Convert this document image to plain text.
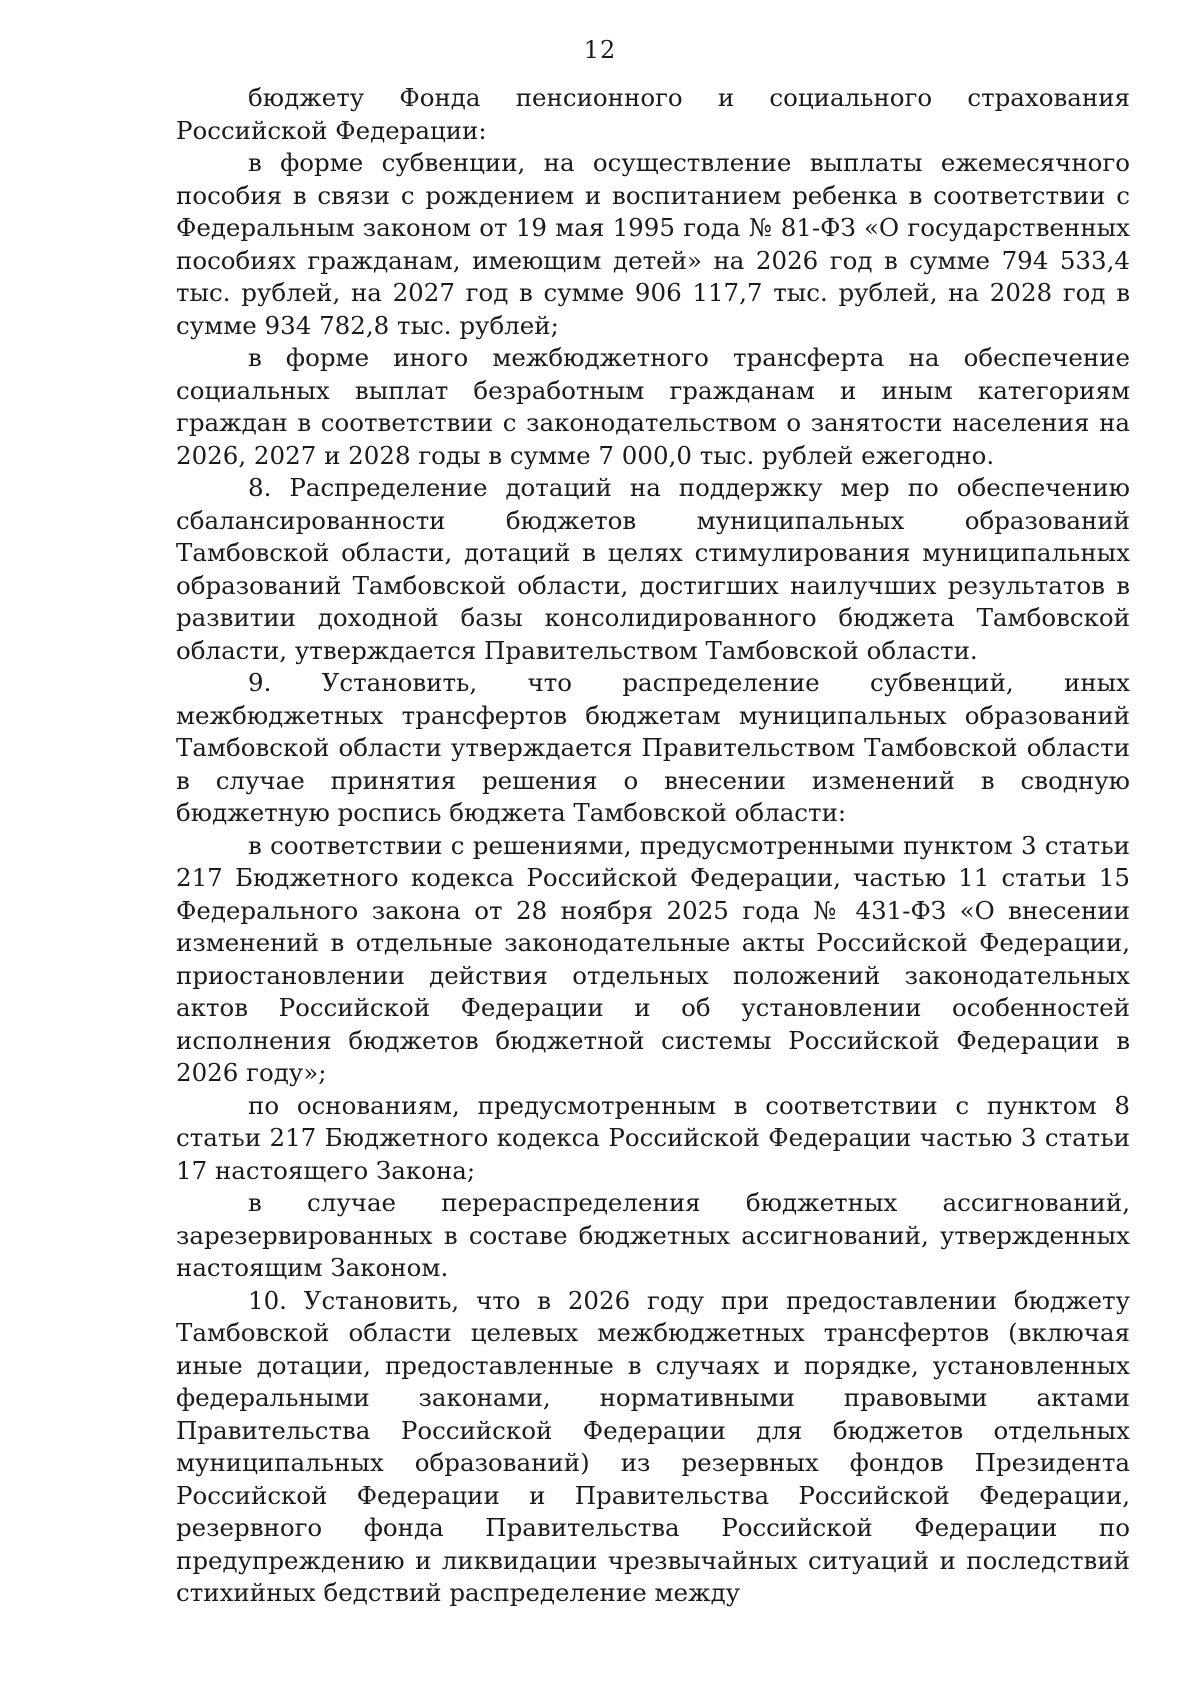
12

бюджету Фонда пенсионного и социального страхования Российской Федерации:

в форме субвенции, на осуществление выплаты ежемесячного пособия в связи с рождением и воспитанием ребенка в соответствии с Федеральным законом от 19 мая 1995 года № 81-ФЗ «О государственных пособиях гражданам, имеющим детей» на 2026 год в сумме 794 533,4 тыс. рублей, на 2027 год в сумме 906 117,7 тыс. рублей, на 2028 год в сумме 934 782,8 тыс. рублей;

в форме иного межбюджетного трансферта на обеспечение социальных выплат безработным гражданам и иным категориям граждан в соответствии с законодательством о занятости населения на 2026, 2027 и 2028 годы в сумме 7 000,0 тыс. рублей ежегодно.

8. Распределение дотаций на поддержку мер по обеспечению сбалансированности бюджетов муниципальных образований Тамбовской области, дотаций в целях стимулирования муниципальных образований Тамбовской области, достигших наилучших результатов в развитии доходной базы консолидированного бюджета Тамбовской области, утверждается Правительством Тамбовской области.

9. Установить, что распределение субвенций, иных межбюджетных трансфертов бюджетам муниципальных образований Тамбовской области утверждается Правительством Тамбовской области в случае принятия решения о внесении изменений в сводную бюджетную роспись бюджета Тамбовской области:

в соответствии с решениями, предусмотренными пунктом 3 статьи 217 Бюджетного кодекса Российской Федерации, частью 11 статьи 15 Федерального закона от 28 ноября 2025 года № 431-ФЗ «О внесении изменений в отдельные законодательные акты Российской Федерации, приостановлении действия отдельных положений законодательных актов Российской Федерации и об установлении особенностей исполнения бюджетов бюджетной системы Российской Федерации в 2026 году»;

по основаниям, предусмотренным в соответствии с пунктом 8 статьи 217 Бюджетного кодекса Российской Федерации частью 3 статьи 17 настоящего Закона;

в случае перераспределения бюджетных ассигнований, зарезервированных в составе бюджетных ассигнований, утвержденных настоящим Законом.

10. Установить, что в 2026 году при предоставлении бюджету Тамбовской области целевых межбюджетных трансфертов (включая иные дотации, предоставленные в случаях и порядке, установленных федеральными законами, нормативными правовыми актами Правительства Российской Федерации для бюджетов отдельных муниципальных образований) из резервных фондов Президента Российской Федерации и Правительства Российской Федерации, резервного фонда Правительства Российской Федерации по предупреждению и ликвидации чрезвычайных ситуаций и последствий стихийных бедствий распределение между
